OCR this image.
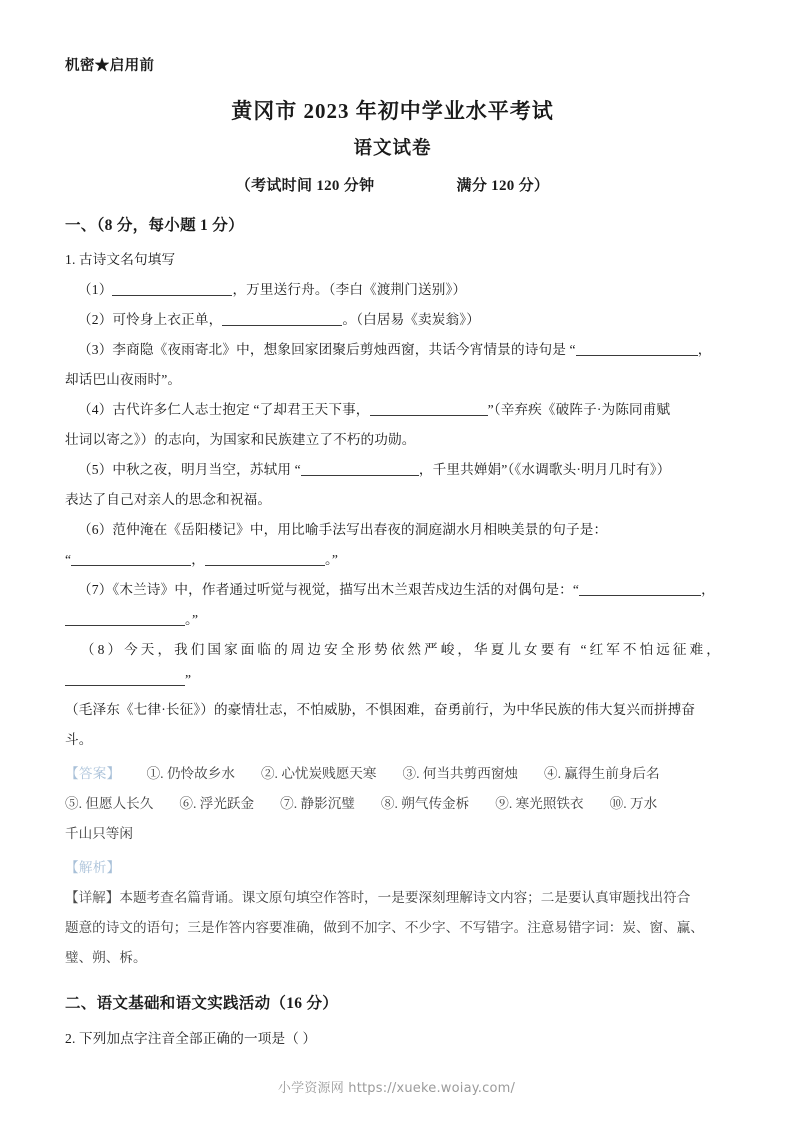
机密★启用前
黄冈市 2023 年初中学业水平考试
语文试卷
（考试时间 120 分钟	满分 120 分）
一、（8 分，每小题 1 分）
1. 古诗文名句填写
（1）	，万里送行舟。（李白《渡荆门送别》）
（2）可怜身上衣正单，	。（白居易《卖炭翁》）
（3）李商隐《夜雨寄北》中，想象回家团聚后剪烛西窗，共话今宵情景的诗句是 “	，
却话巴山夜雨时”。
（4）古代许多仁人志士抱定 “了却君王天下事，	”（辛弃疾《破阵子·为陈同甫赋
壮词以寄之》）的志向，为国家和民族建立了不朽的功勋。
（5）中秋之夜，明月当空，苏轼用 “	，千里共婵娟”（《水调歌头·明月几时有》）
表达了自己对亲人的思念和祝福。
（6）范仲淹在《岳阳楼记》中，用比喻手法写出春夜的洞庭湖水月相映美景的句子是：
“	，	。”
（7）《木兰诗》中，作者通过听觉与视觉，描写出木兰艰苦戍边生活的对偶句是：“	，
。”
（8）今天，我们国家面临的周边安全形势依然严峻，华夏儿女要有 “红军不怕远征难，”
（毛泽东《七律·长征》）的豪情壮志，不怕威胁，不惧困难，奋勇前行，为中华民族的伟大复兴而拼搏奋
斗。
【答案】 ①. 仍怜故乡水 ②. 心忧炭贱愿天寒 ③. 何当共剪西窗烛 ④. 赢得生前身后名
⑤. 但愿人长久 ⑥. 浮光跃金 ⑦. 静影沉璧 ⑧. 朔气传金柝 ⑨. 寒光照铁衣 ⑩. 万水
千山只等闲
【解析】
【详解】本题考查名篇背诵。课文原句填空作答时，一是要深刻理解诗文内容；二是要认真审题找出符合
题意的诗文的语句；三是作答内容要准确，做到不加字、不少字、不写错字。注意易错字词：炭、窗、赢、
璧、朔、柝。
二、语文基础和语文实践活动（16 分）
2. 下列加点字注音全部正确的一项是（ ）
小学资源网 https://xueke.woiay.com/
